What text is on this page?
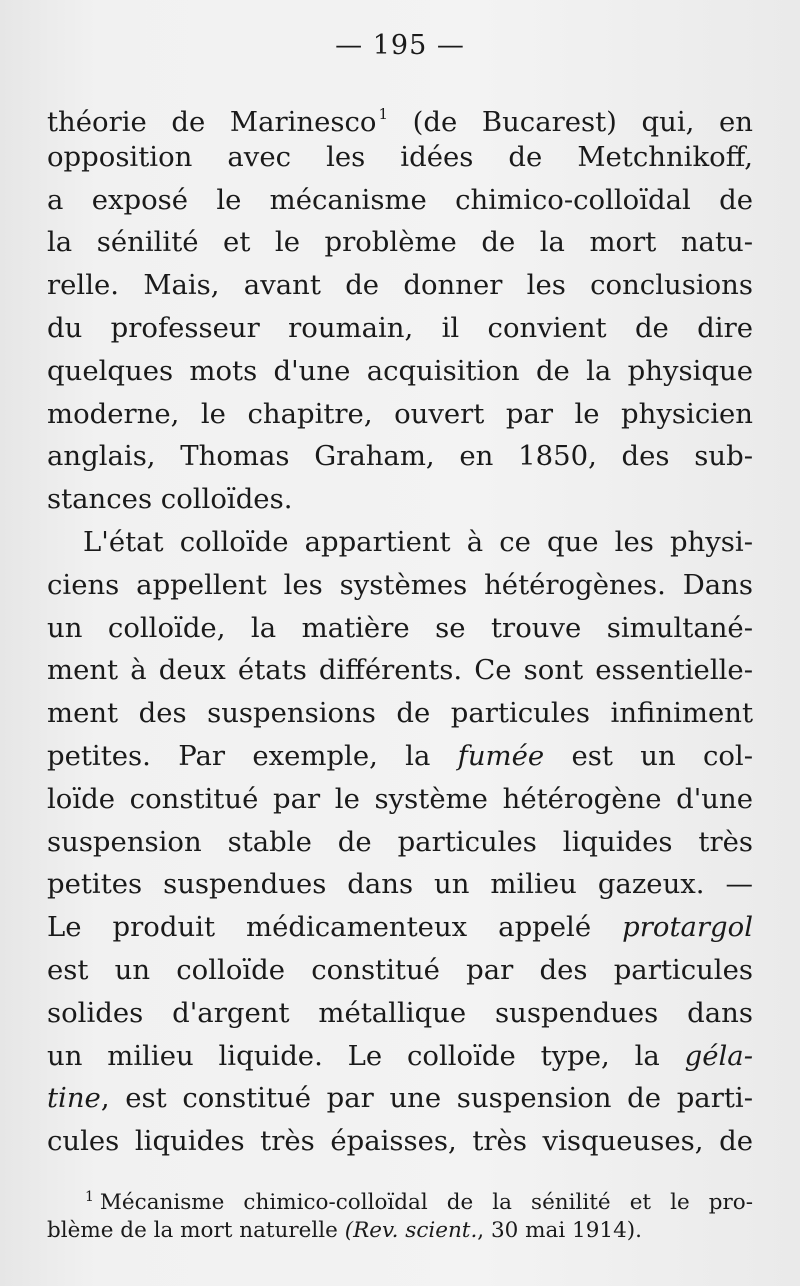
— 195 —
théorie de Marinesco $^1$ (de Bucarest) qui, en
opposition avec les idées de Metchnikoff,
a exposé le mécanisme chimico-colloïdal de
la sénilité et le problème de la mort natu-
relle. Mais, avant de donner les conclusions
du professeur roumain, il convient de dire
quelques mots d'une acquisition de la physique
moderne, le chapitre, ouvert par le physicien
anglais, Thomas Graham, en 1850, des sub-
stances colloïdes.
L'état colloïde appartient à ce que les physi-
ciens appellent les systèmes hétérogènes. Dans
un colloïde, la matière se trouve simultané-
ment à deux états différents. Ce sont essentielle-
ment des suspensions de particules infiniment
petites. Par exemple, la fumée est un col-
loïde constitué par le système hétérogène d'une
suspension stable de particules liquides très
petites suspendues dans un milieu gazeux. —
Le produit médicamenteux appelé protargol
est un colloïde constitué par des particules
solides d'argent métallique suspendues dans
un milieu liquide. Le colloïde type, la géla-
tine, est constitué par une suspension de parti-
cules liquides très épaisses, très visqueuses, de
$^1$ Mécanisme chimico-colloïdal de la sénilité et le pro-
blème de la mort naturelle (Rev. scient., 30 mai 1914).
